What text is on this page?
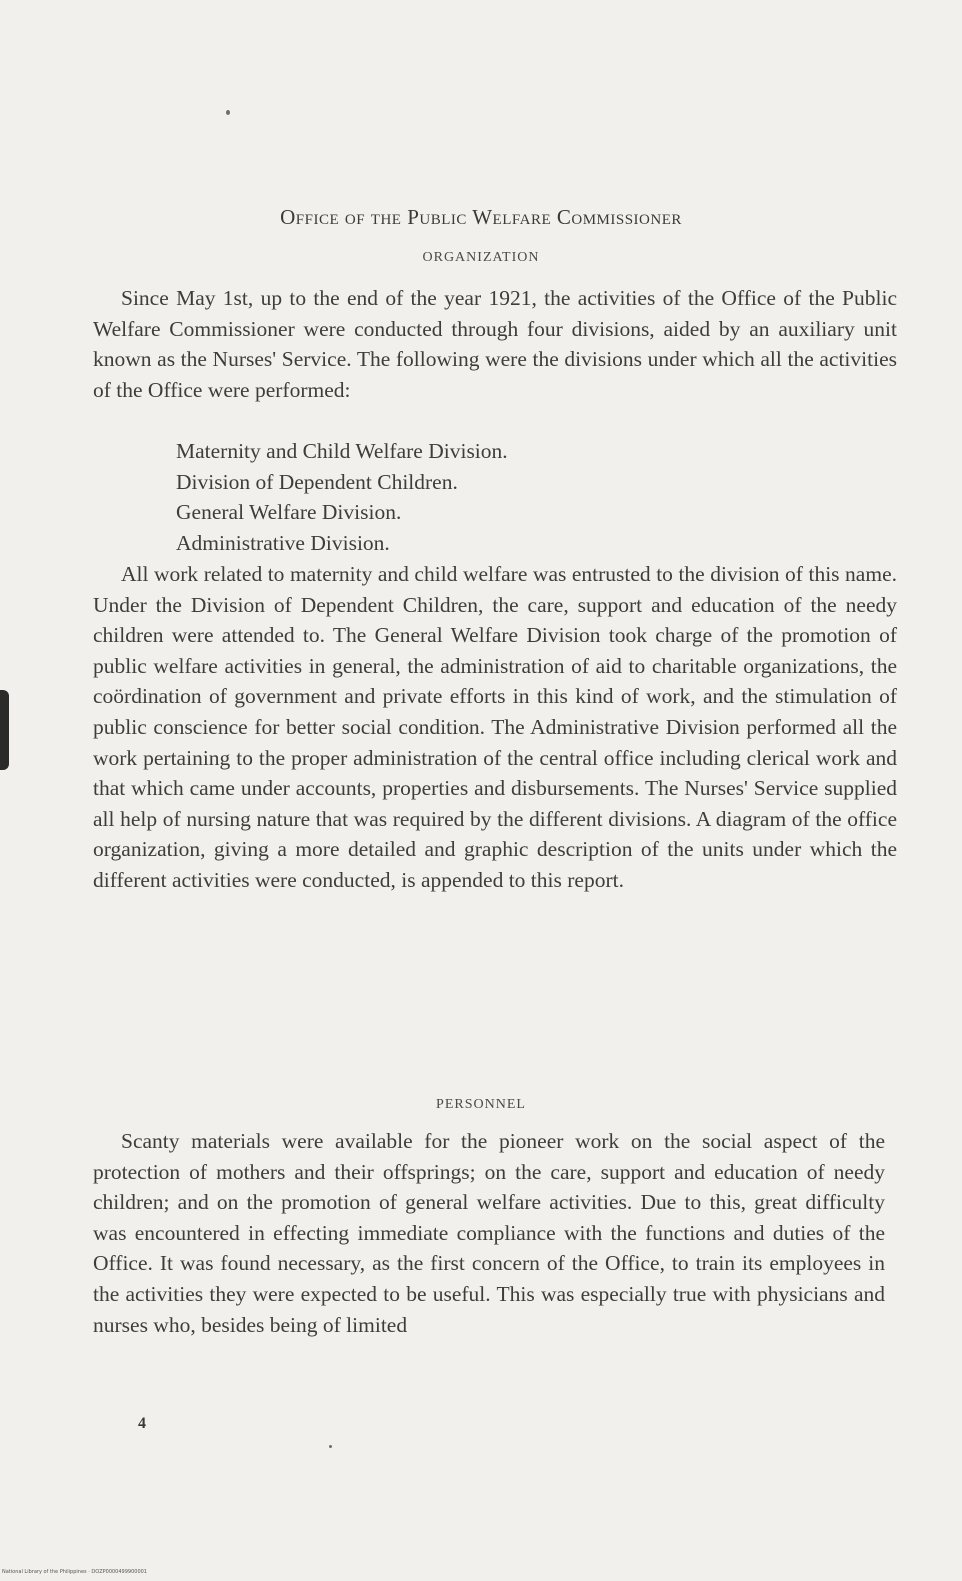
Office of the Public Welfare Commissioner
ORGANIZATION

Since May 1st, up to the end of the year 1921, the activities of the Office of the Public Welfare Commissioner were conducted through four divisions, aided by an auxiliary unit known as the Nurses' Service. The following were the divisions under which all the activities of the Office were performed:

Maternity and Child Welfare Division.
Division of Dependent Children.
General Welfare Division.
Administrative Division.

All work related to maternity and child welfare was entrusted to the division of this name. Under the Division of Dependent Children, the care, support and education of the needy children were attended to. The General Welfare Division took charge of the promotion of public welfare activities in general, the administration of aid to charitable organizations, the coördination of government and private efforts in this kind of work, and the stimulation of public conscience for better social condition. The Administrative Division performed all the work pertaining to the proper administration of the central office including clerical work and that which came under accounts, properties and disbursements. The Nurses' Service supplied all help of nursing nature that was required by the different divisions. A diagram of the office organization, giving a more detailed and graphic description of the units under which the different activities were conducted, is appended to this report.

PERSONNEL

Scanty materials were available for the pioneer work on the social aspect of the protection of mothers and their offsprings; on the care, support and education of needy children; and on the promotion of general welfare activities. Due to this, great difficulty was encountered in effecting immediate compliance with the functions and duties of the Office. It was found necessary, as the first concern of the Office, to train its employees in the activities they were expected to be useful. This was especially true with physicians and nurses who, besides being of limited

4
National Library of the Philippines · DOZP0000499900001
